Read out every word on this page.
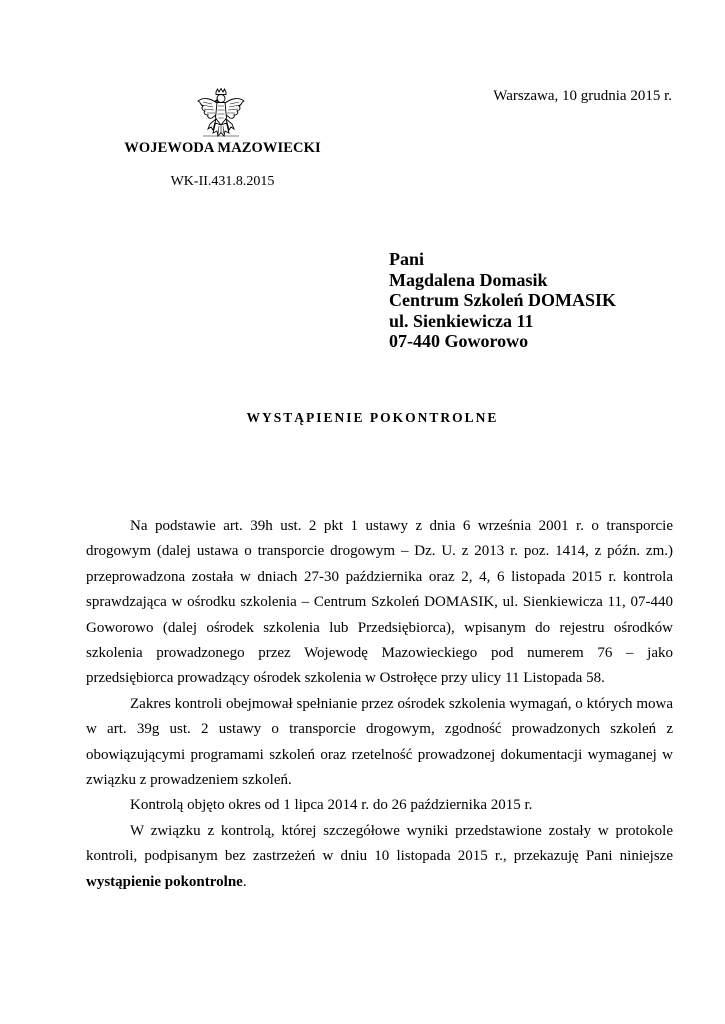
Warszawa, 10 grudnia 2015 r.
WOJEWODA MAZOWIECKI
WK-II.431.8.2015
Pani
Magdalena Domasik
Centrum Szkoleń DOMASIK
ul. Sienkiewicza 11
07-440 Goworowo
WYSTĄPIENIE POKONTROLNE

Na podstawie art. 39h ust. 2 pkt 1 ustawy z dnia 6 września 2001 r. o transporcie drogowym (dalej ustawa o transporcie drogowym – Dz. U. z 2013 r. poz. 1414, z późn. zm.) przeprowadzona została w dniach 27-30 października oraz 2, 4, 6 listopada 2015 r. kontrola sprawdzająca w ośrodku szkolenia – Centrum Szkoleń DOMASIK, ul. Sienkiewicza 11, 07-440 Goworowo (dalej ośrodek szkolenia lub Przedsiębiorca), wpisanym do rejestru ośrodków szkolenia prowadzonego przez Wojewodę Mazowieckiego pod numerem 76 – jako przedsiębiorca prowadzący ośrodek szkolenia w Ostrołęce przy ulicy 11 Listopada 58.

Zakres kontroli obejmował spełnianie przez ośrodek szkolenia wymagań, o których mowa w art. 39g ust. 2 ustawy o transporcie drogowym, zgodność prowadzonych szkoleń z obowiązującymi programami szkoleń oraz rzetelność prowadzonej dokumentacji wymaganej w związku z prowadzeniem szkoleń.

Kontrolą objęto okres od 1 lipca 2014 r. do 26 października 2015 r.

W związku z kontrolą, której szczegółowe wyniki przedstawione zostały w protokole kontroli, podpisanym bez zastrzeżeń w dniu 10 listopada 2015 r., przekazuję Pani niniejsze wystąpienie pokontrolne.
